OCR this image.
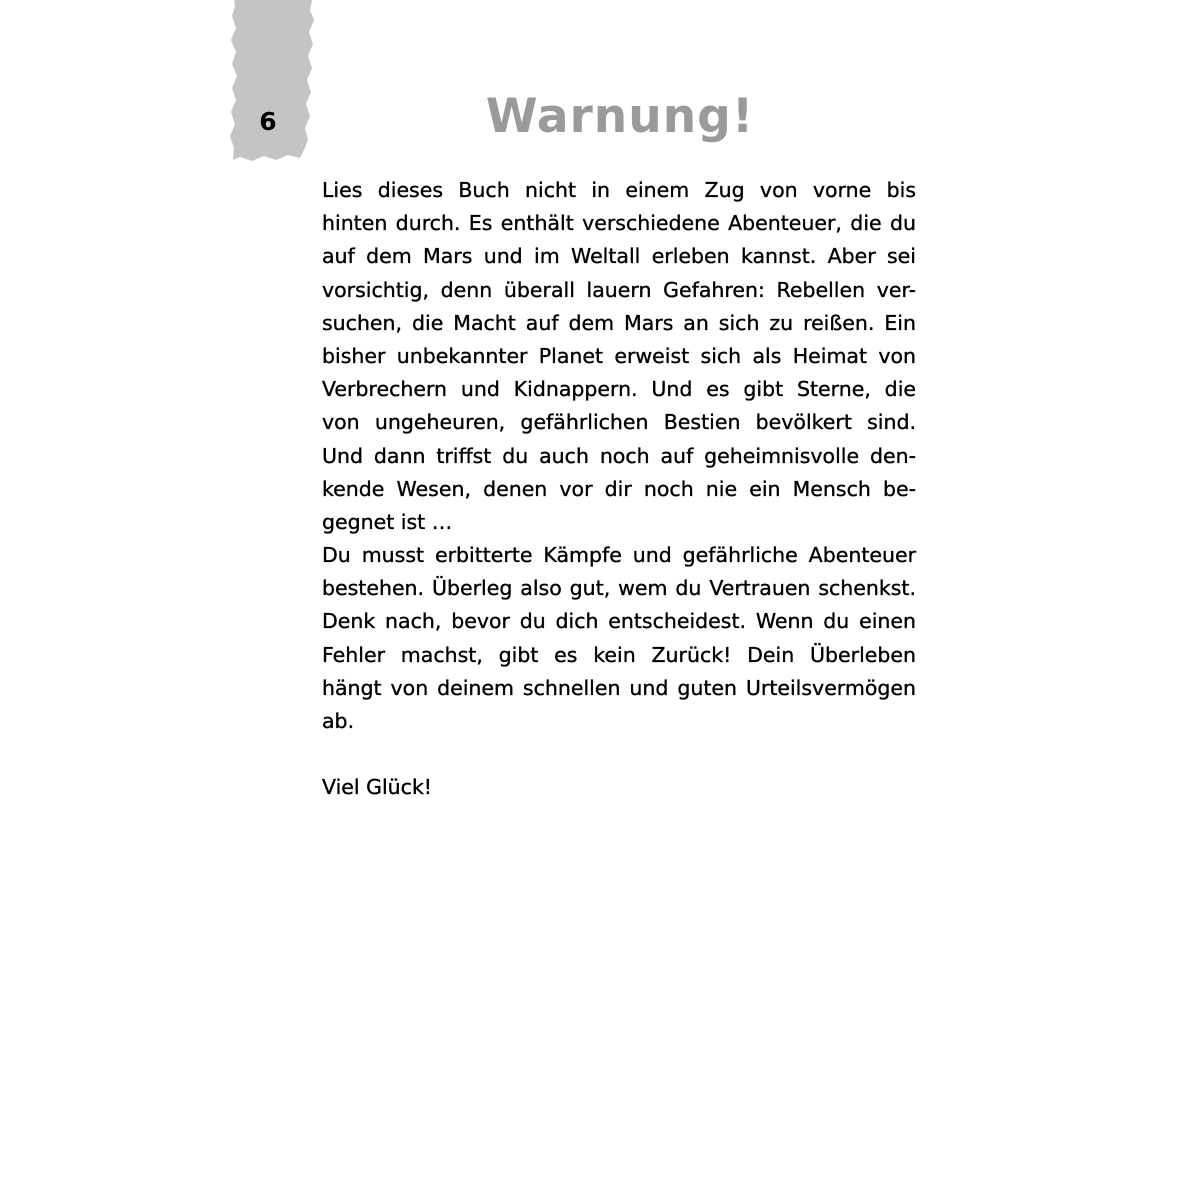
6	Warnung!
Lies dieses Buch nicht in einem Zug von vorne bis
hinten durch. Es enthält verschiedene Abenteuer, die du
auf dem Mars und im Weltall erleben kannst. Aber sei
vorsichtig, denn überall lauern Gefahren: Rebellen ver-
suchen, die Macht auf dem Mars an sich zu reißen. Ein
bisher unbekannter Planet erweist sich als Heimat von
Verbrechern und Kidnappern. Und es gibt Sterne, die
von ungeheuren, gefährlichen Bestien bevölkert sind.
Und dann triffst du auch noch auf geheimnisvolle den-
kende Wesen, denen vor dir noch nie ein Mensch be-
gegnet ist …
Du musst erbitterte Kämpfe und gefährliche Abenteuer
bestehen. Überleg also gut, wem du Vertrauen schenkst.
Denk nach, bevor du dich entscheidest. Wenn du einen
Fehler machst, gibt es kein Zurück! Dein Überleben
hängt von deinem schnellen und guten Urteilsvermögen
ab.
Viel Glück!
